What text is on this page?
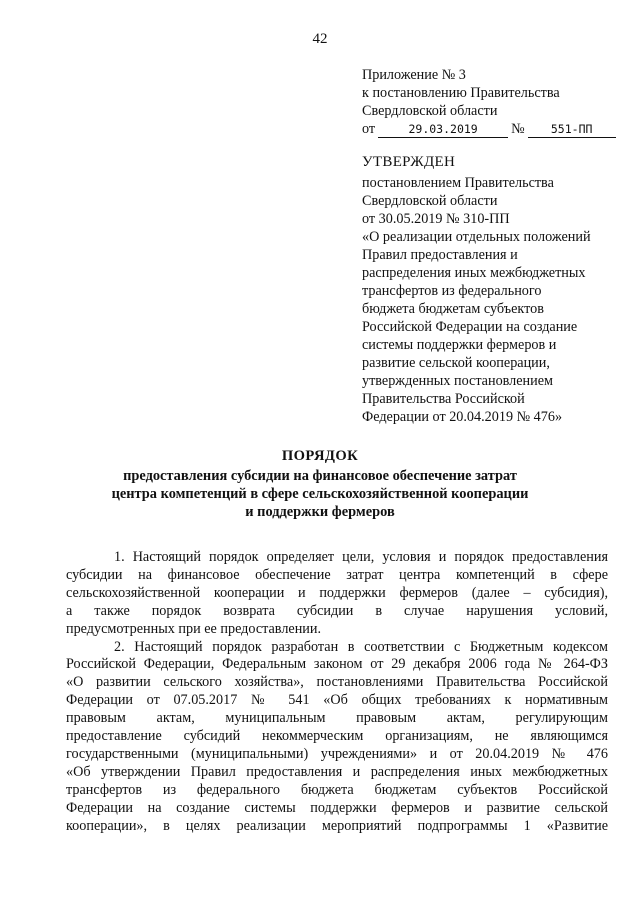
42
Приложение № 3
к постановлению Правительства
Свердловской области
от	29.03.2019 № 551-ПП
УТВЕРЖДЕН
постановлением Правительства
Свердловской области
от 30.05.2019 № 310-ПП
«О реализации отдельных положений
Правил предоставления и
распределения иных межбюджетных
трансфертов из федерального
бюджета бюджетам субъектов
Российской Федерации на создание
системы поддержки фермеров и
развитие сельской кооперации,
утвержденных постановлением
Правительства Российской
Федерации от 20.04.2019 № 476»
ПОРЯДОК
предоставления субсидии на финансовое обеспечение затрат
центра компетенций в сфере сельскохозяйственной кооперации
и поддержки фермеров
1. Настоящий порядок определяет цели, условия и порядок предоставления
субсидии на финансовое обеспечение затрат центра компетенций в сфере
сельскохозяйственной кооперации и поддержки фермеров (далее – субсидия),
а также порядок возврата субсидии в случае нарушения условий,
предусмотренных при ее предоставлении.
2. Настоящий порядок разработан в соответствии с Бюджетным кодексом
Российской Федерации, Федеральным законом от 29 декабря 2006 года № 264-ФЗ
«О развитии сельского хозяйства», постановлениями Правительства Российской
Федерации от 07.05.2017 № 541 «Об общих требованиях к нормативным
правовым актам, муниципальным правовым актам, регулирующим
предоставление субсидий некоммерческим организациям, не являющимся
государственными (муниципальными) учреждениями» и от 20.04.2019 № 476
«Об утверждении Правил предоставления и распределения иных межбюджетных
трансфертов из федерального бюджета бюджетам субъектов Российской
Федерации на создание системы поддержки фермеров и развитие сельской
кооперации», в целях реализации мероприятий подпрограммы 1 «Развитие
